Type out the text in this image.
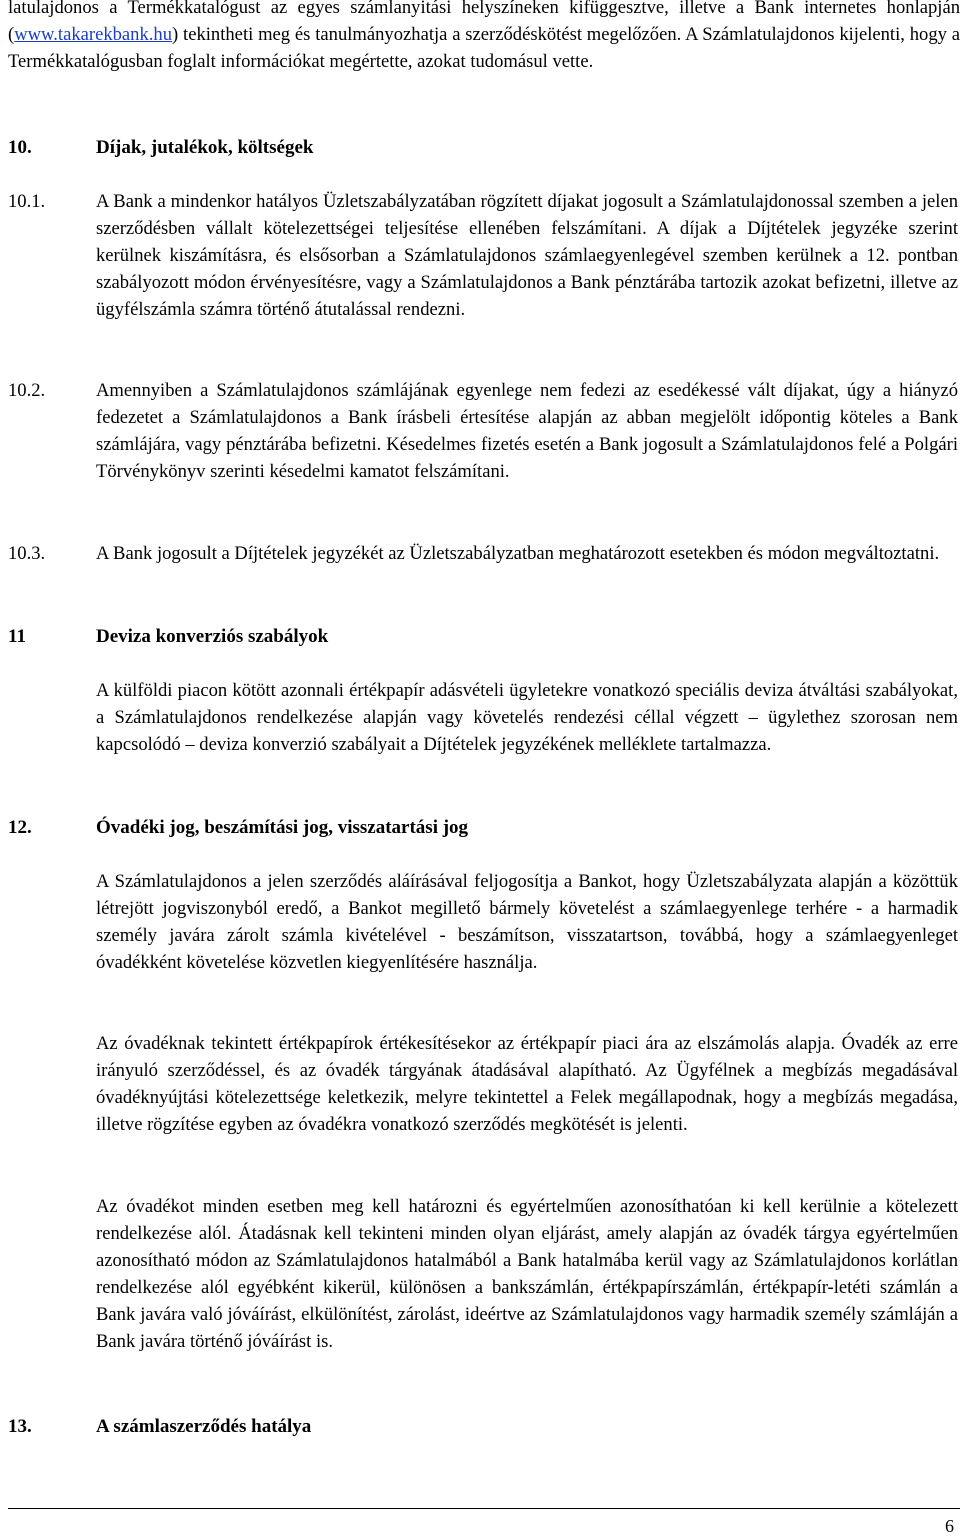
latulajdonos a Termékkatalógust az egyes számlanyitási helyszíneken kifüggesztve, illetve a Bank internetes honlapján (www.takarekbank.hu) tekintheti meg és tanulmányozhatja a szerződéskötést megelőzően. A Számlatulajdonos kijelenti, hogy a Termékkatalógusban foglalt információkat megértette, azokat tudomásul vette.
10.	Díjak, jutalékok, költségek
10.1.	A Bank a mindenkor hatályos Üzletszabályzatában rögzített díjakat jogosult a Számlatulajdonossal szemben a jelen szerződésben vállalt kötelezettségei teljesítése ellenében felszámítani. A díjak a Díjtételek jegyzéke szerint kerülnek kiszámításra, és elsősorban a Számlatulajdonos számlaegyenlegével szemben kerülnek a 12. pontban szabályozott módon érvényesítésre, vagy a Számlatulajdonos a Bank pénztárába tartozik azokat befizetni, illetve az ügyfélszámla számra történő átutalással rendezni.
10.2.	Amennyiben a Számlatulajdonos számlájának egyenlege nem fedezi az esedékessé vált díjakat, úgy a hiányzó fedezetet a Számlatulajdonos a Bank írásbeli értesítése alapján az abban megjelölt időpontig köteles a Bank számlájára, vagy pénztárába befizetni. Késedelmes fizetés esetén a Bank jogosult a Számlatulajdonos felé a Polgári Törvénykönyv szerinti késedelmi kamatot felszámítani.
10.3.	A Bank jogosult a Díjtételek jegyzékét az Üzletszabályzatban meghatározott esetekben és módon megváltoztatni.
11	Deviza konverziós szabályok
A külföldi piacon kötött azonnali értékpapír adásvételi ügyletekre vonatkozó speciális deviza átváltási szabályokat, a Számlatulajdonos rendelkezése alapján vagy követelés rendezési céllal végzett – ügylethez szorosan nem kapcsolódó – deviza konverzió szabályait a Díjtételek jegyzékének melléklete tartalmazza.
12.	Óvadéki jog, beszámítási jog, visszatartási jog
A Számlatulajdonos a jelen szerződés aláírásával feljogosítja a Bankot, hogy Üzletszabályzata alapján a közöttük létrejött jogviszonyból eredő, a Bankot megillető bármely követelést a számlaegyenlege terhére - a harmadik személy javára zárolt számla kivételével - beszámítson, visszatartson, továbbá, hogy a számlaegyenleget óvadékként követelése közvetlen kiegyenlítésére használja.
Az óvadéknak tekintett értékpapírok értékesítésekor az értékpapír piaci ára az elszámolás alapja. Óvadék az erre irányuló szerződéssel, és az óvadék tárgyának átadásával alapítható. Az Ügyfélnek a megbízás megadásával óvadéknyújtási kötelezettsége keletkezik, melyre tekintettel a Felek megállapodnak, hogy a megbízás megadása, illetve rögzítése egyben az óvadékra vonatkozó szerződés megkötését is jelenti.
Az óvadékot minden esetben meg kell határozni és egyértelműen azonosíthatóan ki kell kerülnie a kötelezett rendelkezése alól. Átadásnak kell tekinteni minden olyan eljárást, amely alapján az óvadék tárgya egyértelműen azonosítható módon az Számlatulajdonos hatalmából a Bank hatalmába kerül vagy az Számlatulajdonos korlátlan rendelkezése alól egyébként kikerül, különösen a bankszámlán, értékpapírszámlán, értékpapír-letéti számlán a Bank javára való jóváírást, elkülönítést, zárolást, ideértve az Számlatulajdonos vagy harmadik személy számláján a Bank javára történő jóváírást is.
13.	A számlaszerződés hatálya
6
